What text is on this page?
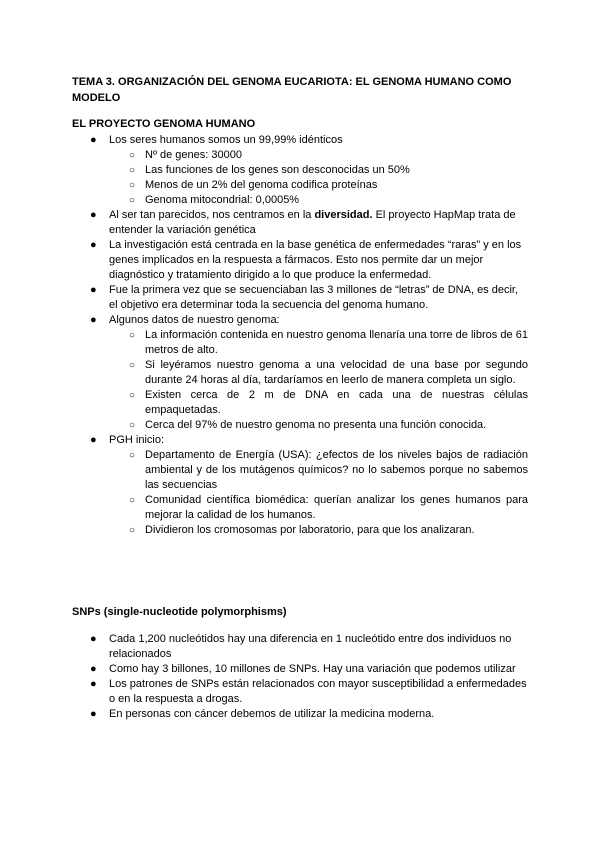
TEMA 3. ORGANIZACIÓN DEL GENOMA EUCARIOTA: EL GENOMA HUMANO COMO MODELO
EL PROYECTO GENOMA HUMANO
● Los seres humanos somos un 99,99% idénticos
○ Nº de genes: 30000
○ Las funciones de los genes son desconocidas un 50%
○ Menos de un 2% del genoma codifica proteínas
○ Genoma mitocondrial: 0,0005%
● Al ser tan parecidos, nos centramos en la diversidad. El proyecto HapMap trata de entender la variación genética
● La investigación está centrada en la base genética de enfermedades “raras” y en los genes implicados en la respuesta a fármacos. Esto nos permite dar un mejor diagnóstico y tratamiento dirigido a lo que produce la enfermedad.
● Fue la primera vez que se secuenciaban las 3 millones de “letras” de DNA, es decir, el objetivo era determinar toda la secuencia del genoma humano.
● Algunos datos de nuestro genoma:
○ La información contenida en nuestro genoma llenaría una torre de libros de 61 metros de alto.
○ Si leyéramos nuestro genoma a una velocidad de una base por segundo durante 24 horas al día, tardaríamos en leerlo de manera completa un siglo.
○ Existen cerca de 2 m de DNA en cada una de nuestras células empaquetadas.
○ Cerca del 97% de nuestro genoma no presenta una función conocida.
● PGH inicio:
○ Departamento de Energía (USA): ¿efectos de los niveles bajos de radiación ambiental y de los mutágenos químicos? no lo sabemos porque no sabemos las secuencias
○ Comunidad científica biomédica: querían analizar los genes humanos para mejorar la calidad de los humanos.
○ Dividieron los cromosomas por laboratorio, para que los analizaran.
SNPs (single-nucleotide polymorphisms)
● Cada 1,200 nucleótidos hay una diferencia en 1 nucleótido entre dos individuos no relacionados
● Como hay 3 billones, 10 millones de SNPs. Hay una variación que podemos utilizar
● Los patrones de SNPs están relacionados con mayor susceptibilidad a enfermedades o en la respuesta a drogas.
● En personas con cáncer debemos de utilizar la medicina moderna.
